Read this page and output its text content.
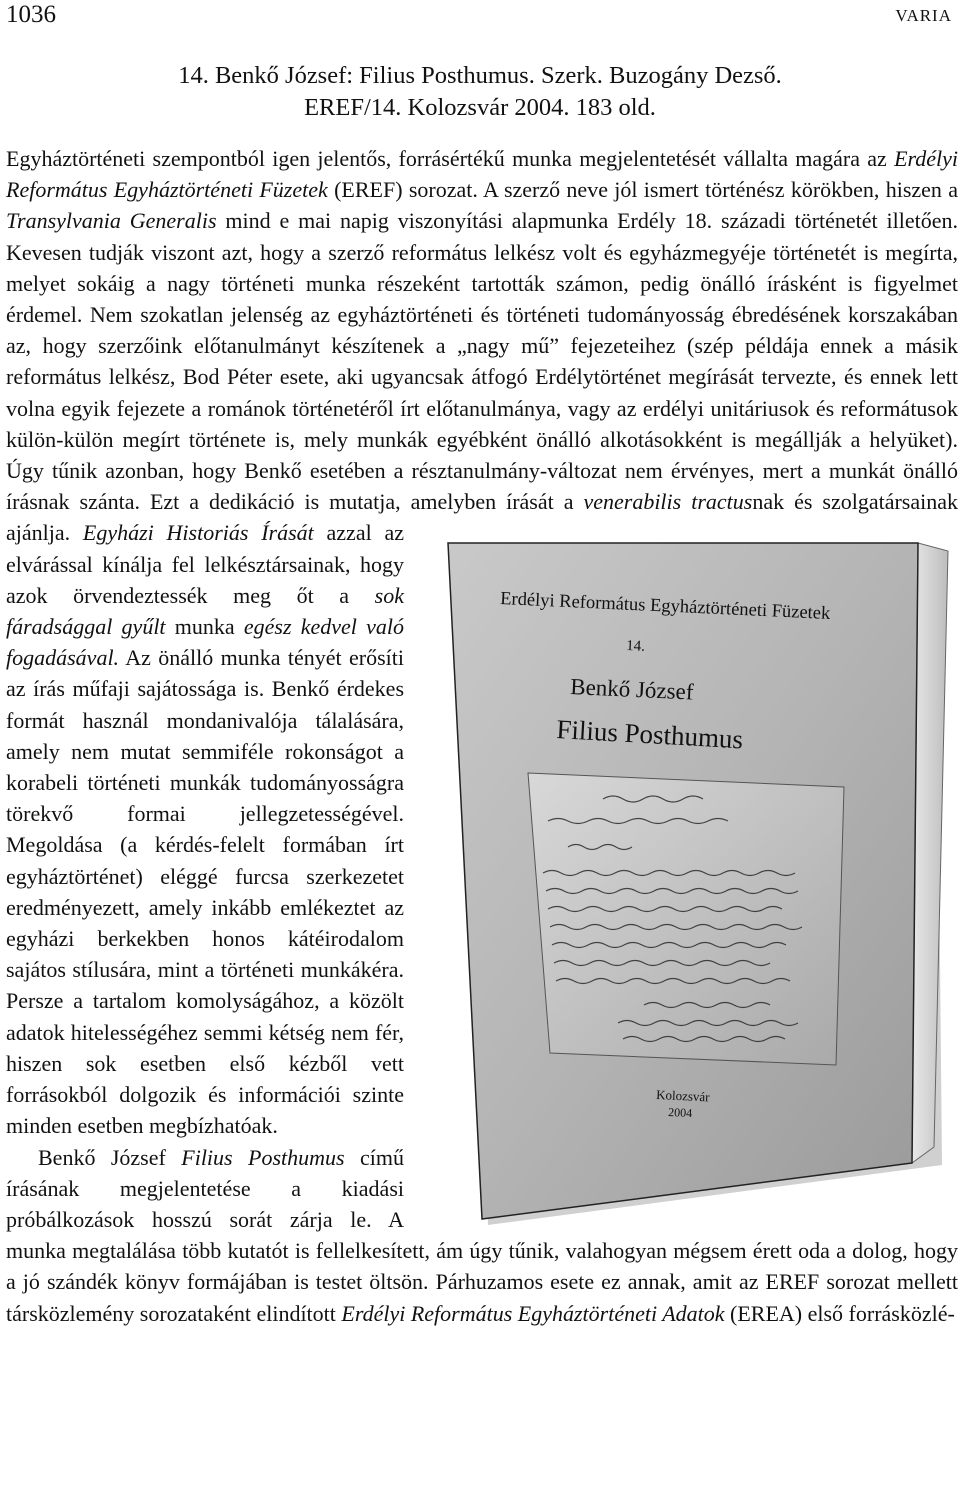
1036	VARIA
14. Benkő József: Filius Posthumus. Szerk. Buzogány Dezső.
EREF/14. Kolozsvár 2004. 183 old.

Egyháztörténeti szempontból igen jelentős, forrásértékű munka megjelentetését vállalta magára az Erdélyi Református Egyháztörténeti Füzetek (EREF) sorozat. A szerző neve jól ismert történész körökben, hiszen a Transylvania Generalis mind e mai napig viszonyítási alapmunka Erdély 18. századi történetét illetően. Kevesen tudják viszont azt, hogy a szerző református lelkész volt és egyházmegyéje történetét is megírta, melyet sokáig a nagy történeti munka részeként tartották számon, pedig önálló írásként is figyelmet érdemel. Nem szokatlan jelenség az egyháztörténeti és történeti tudományosság ébredésének korszakában az, hogy szerzőink előtanulmányt készítenek a „nagy mű” fejezeteihez (szép példája ennek a másik református lelkész, Bod Péter esete, aki ugyancsak átfogó Erdélytörténet megírását tervezte, és ennek lett volna egyik fejezete a románok történetéről írt előtanulmánya, vagy az erdélyi unitáriusok és reformátusok külön-külön megírt története is, mely munkák egyébként önálló alkotásokként is megállják a helyüket). Úgy tűnik azonban, hogy Benkő esetében a résztanulmány-változat nem érvényes, mert a munkát önálló írásnak szánta. Ezt a dedikáció is mutatja, amelyben írását a
Erdélyi Református Egyháztörténeti Füzetek
14.
Benkő József
Filius Posthumus
Kolozsvár
2004
venerabilis tractusnak és szolgatársainak ajánlja. Egyházi Historiás Írását azzal az elvárással kínálja fel lelkésztársainak, hogy azok örvendeztessék meg őt a sok fáradsággal gyűlt munka egész kedvel való fogadásával. Az önálló munka tényét erősíti az írás műfaji sajátossága is. Benkő érdekes formát használ mondanivalója tálalására, amely nem mutat semmiféle rokonságot a korabeli történeti munkák tudományosságra törekvő formai jellegzetességével. Megoldása (a kérdés-felelt formában írt egyháztörténet) eléggé furcsa szerkezetet eredményezett, amely inkább emlékeztet az egyházi berkekben honos kátéirodalom sajátos stílusára, mint a történeti munkákéra. Persze a tartalom komolyságához, a közölt adatok hitelességéhez semmi kétség nem fér, hiszen sok esetben első kézből vett forrásokból dolgozik és információi szinte minden esetben megbízhatóak.

Benkő József Filius Posthumus című írásának megjelentetése a kiadási próbálkozások hosszú sorát zárja le. A munka megtalálása több kutatót is fellelkesített, ám úgy tűnik, valahogyan mégsem érett oda a dolog, hogy a jó szándék könyv formájában is testet öltsön. Párhuzamos esete ez annak, amit az EREF sorozat mellett társközlemény sorozataként elindított Erdélyi Református Egyháztörténeti Adatok (EREA) első forrásközlé-
